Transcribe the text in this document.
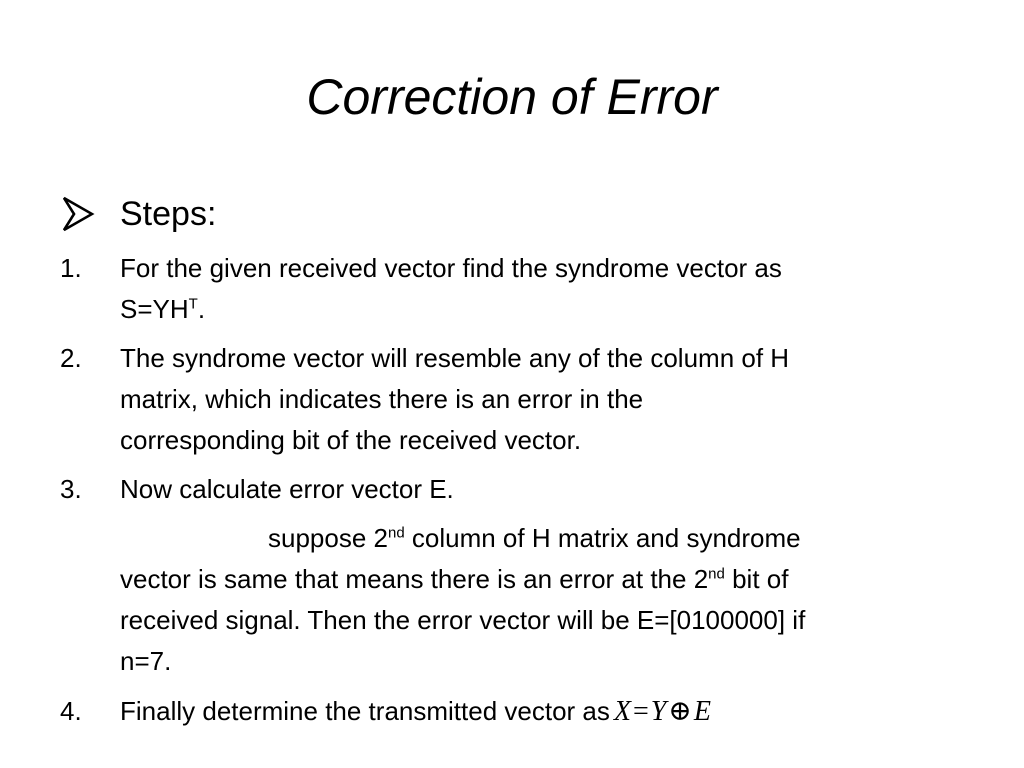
Correction of Error
Steps:
1. For the given received vector find the syndrome vector as
$S=YH^T$.
2. The syndrome vector will resemble any of the column of H
matrix, which indicates there is an error in the
corresponding bit of the received vector.
3. Now calculate error vector E.
suppose 2nd column of H matrix and syndrome
vector is same that means there is an error at the 2nd bit of
received signal. Then the error vector will be E=[0100000] if
n=7.
4. Finally determine the transmitted vector as X=Y⊕E
